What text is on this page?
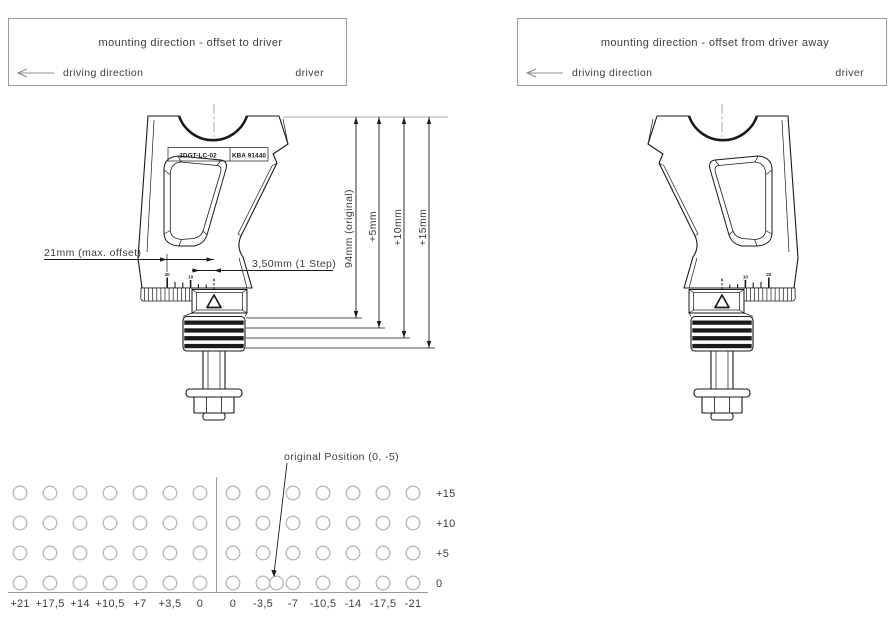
mounting direction - offset to driver
driving direction	driver
mounting direction - offset from driver away
driving direction	driver
2DGT-LC-02 KBA 91440
20	10
0	0
10	20
94mm (original) +5mm +10mm +15mm
21mm (max. offset)
3,50mm (1 Step)
+15
+10
+5
0
+21 +17,5 +14 +10,5 +7 +3,5 0 0 -3,5 -7 -10,5 -14 -17,5 -21
original Position (0, -5)
